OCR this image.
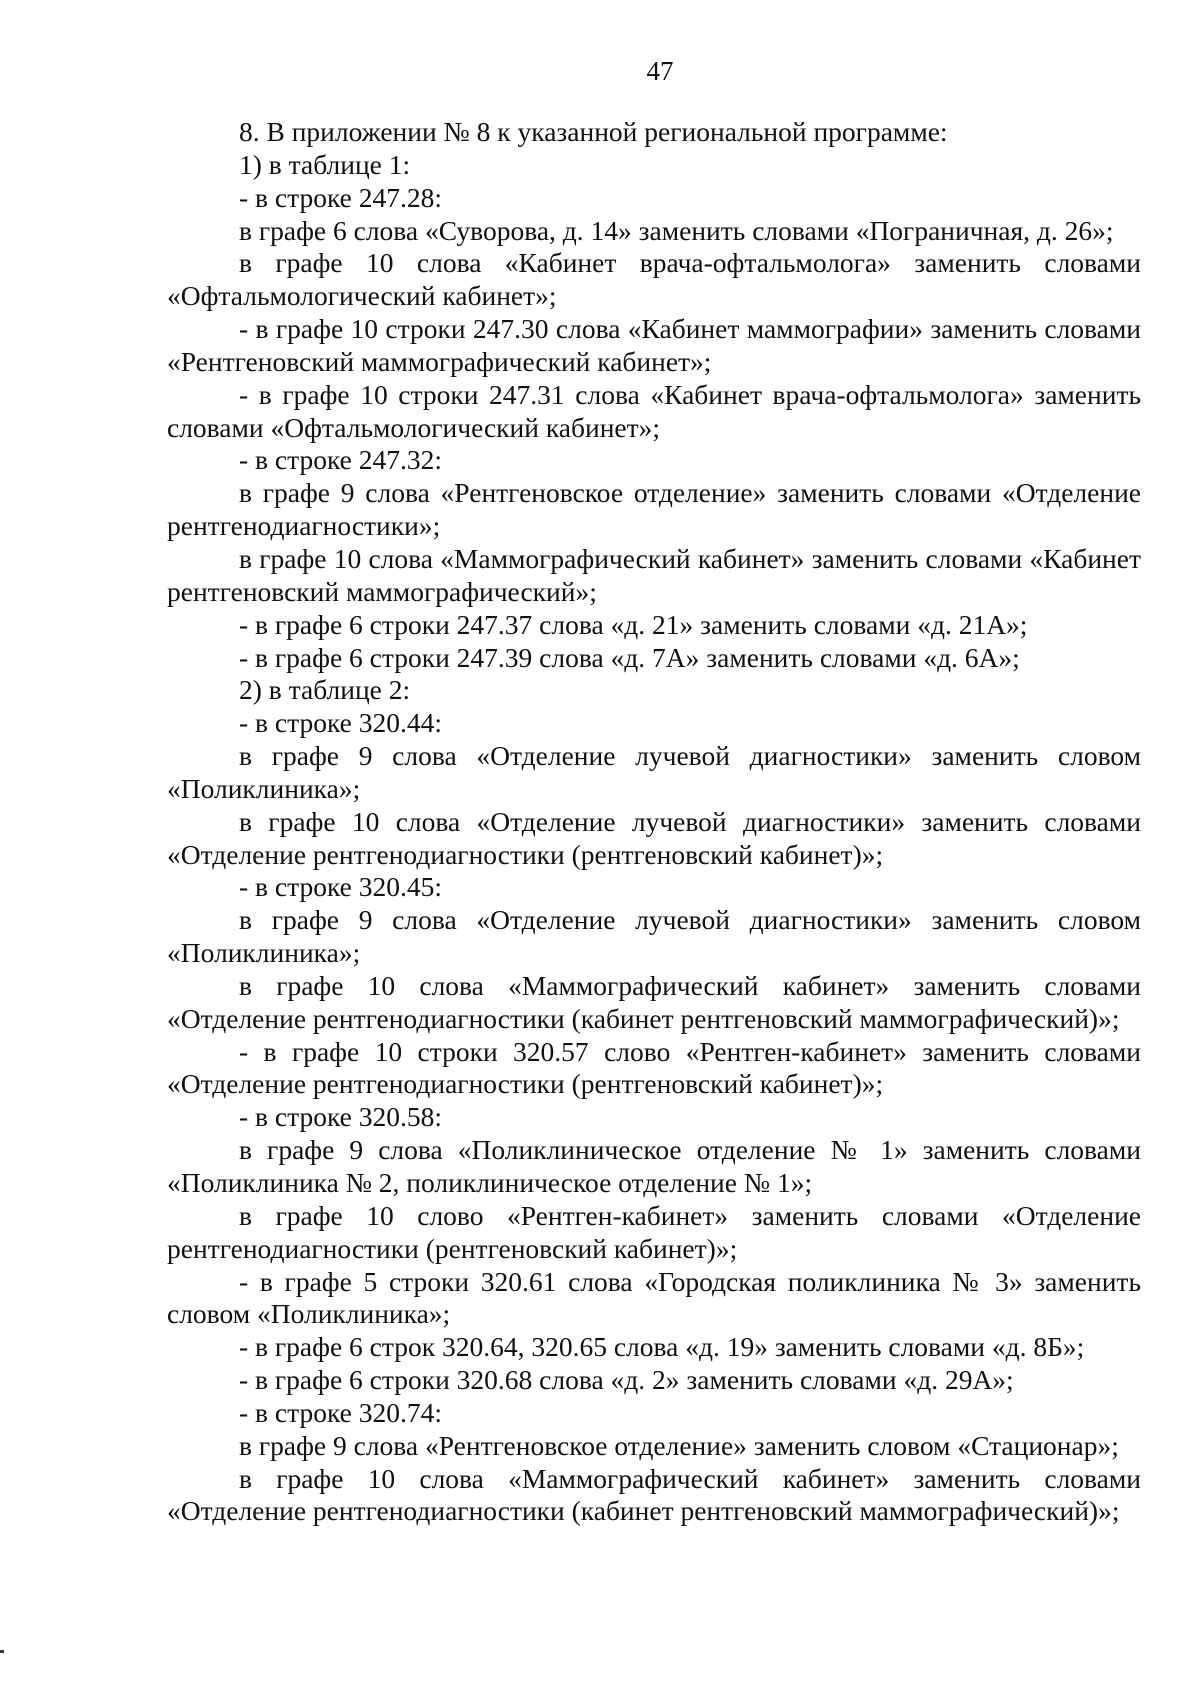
47

8. В приложении № 8 к указанной региональной программе:

1) в таблице 1:

- в строке 247.28:

в графе 6 слова «Суворова, д. 14» заменить словами «Пограничная, д. 26»;

в графе 10 слова «Кабинет врача-офтальмолога» заменить словами «Офтальмологический кабинет»;

- в графе 10 строки 247.30 слова «Кабинет маммографии» заменить словами «Рентгеновский маммографический кабинет»;

- в графе 10 строки 247.31 слова «Кабинет врача-офтальмолога» заменить словами «Офтальмологический кабинет»;

- в строке 247.32:

в графе 9 слова «Рентгеновское отделение» заменить словами «Отделение рентгенодиагностики»;

в графе 10 слова «Маммографический кабинет» заменить словами «Кабинет рентгеновский маммографический»;

- в графе 6 строки 247.37 слова «д. 21» заменить словами «д. 21А»;

- в графе 6 строки 247.39 слова «д. 7А» заменить словами «д. 6А»;

2) в таблице 2:

- в строке 320.44:

в графе 9 слова «Отделение лучевой диагностики» заменить словом «Поликлиника»;

в графе 10 слова «Отделение лучевой диагностики» заменить словами «Отделение рентгенодиагностики (рентгеновский кабинет)»;

- в строке 320.45:

в графе 9 слова «Отделение лучевой диагностики» заменить словом «Поликлиника»;

в графе 10 слова «Маммографический кабинет» заменить словами «Отделение рентгенодиагностики (кабинет рентгеновский маммографический)»;

- в графе 10 строки 320.57 слово «Рентген-кабинет» заменить словами «Отделение рентгенодиагностики (рентгеновский кабинет)»;

- в строке 320.58:

в графе 9 слова «Поликлиническое отделение № 1» заменить словами «Поликлиника № 2, поликлиническое отделение № 1»;

в графе 10 слово «Рентген-кабинет» заменить словами «Отделение рентгенодиагностики (рентгеновский кабинет)»;

- в графе 5 строки 320.61 слова «Городская поликлиника № 3» заменить словом «Поликлиника»;

- в графе 6 строк 320.64, 320.65 слова «д. 19» заменить словами «д. 8Б»;

- в графе 6 строки 320.68 слова «д. 2» заменить словами «д. 29А»;

- в строке 320.74:

в графе 9 слова «Рентгеновское отделение» заменить словом «Стационар»;

в графе 10 слова «Маммографический кабинет» заменить словами «Отделение рентгенодиагностики (кабинет рентгеновский маммографический)»;
